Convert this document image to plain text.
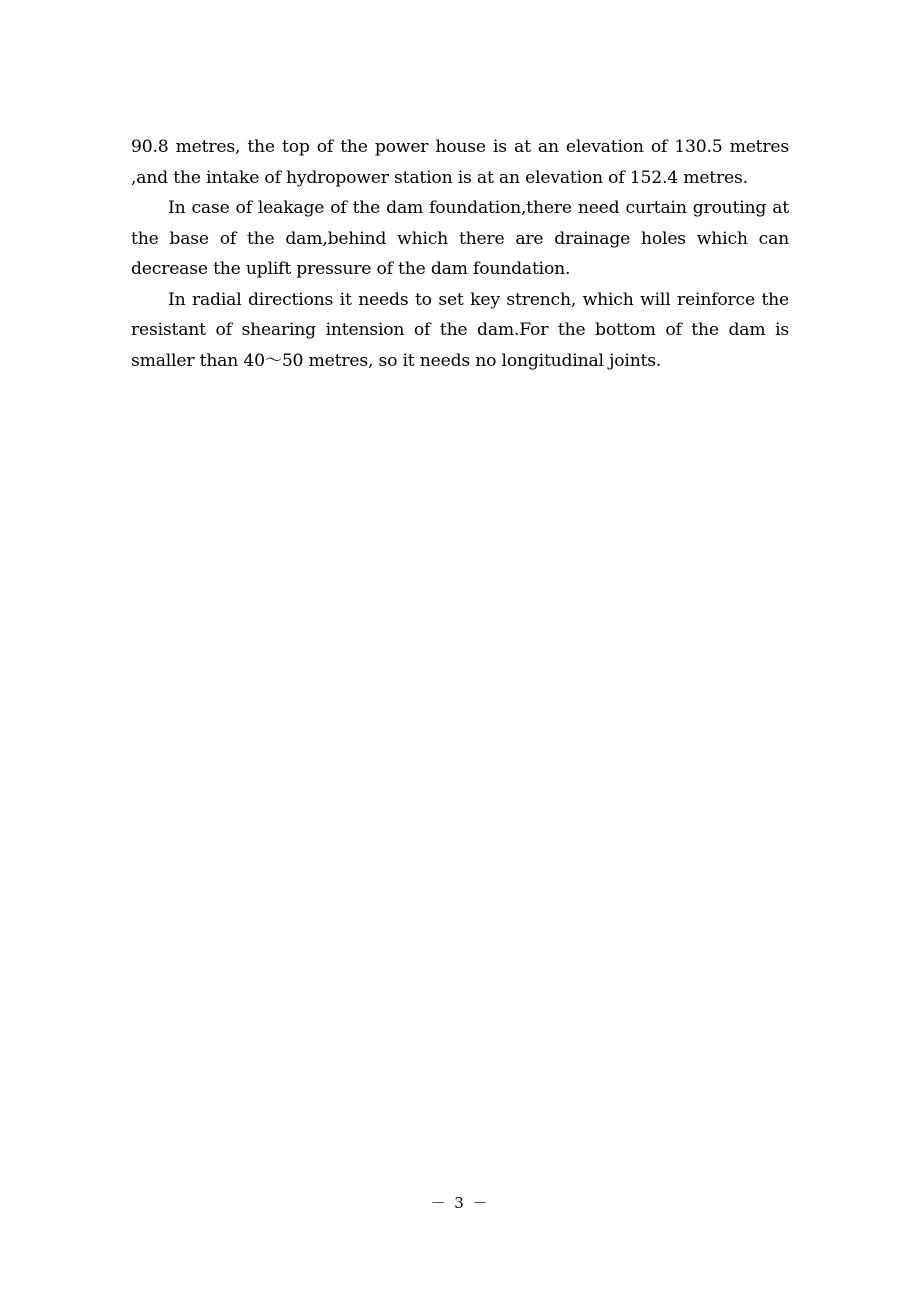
90.8 metres, the top of the power house is at an elevation of 130.5 metres ,and the intake of hydropower station is at an elevation of 152.4 metres.

In case of leakage of the dam foundation,there need curtain grouting at the base of the dam,behind which there are drainage holes which can decrease the uplift pressure of the dam foundation.

In radial directions it needs to set key strench, which will reinforce the resistant of shearing intension of the dam.For the bottom of the dam is smaller than 40～50 metres, so it needs no longitudinal joints.

－ 3 －
